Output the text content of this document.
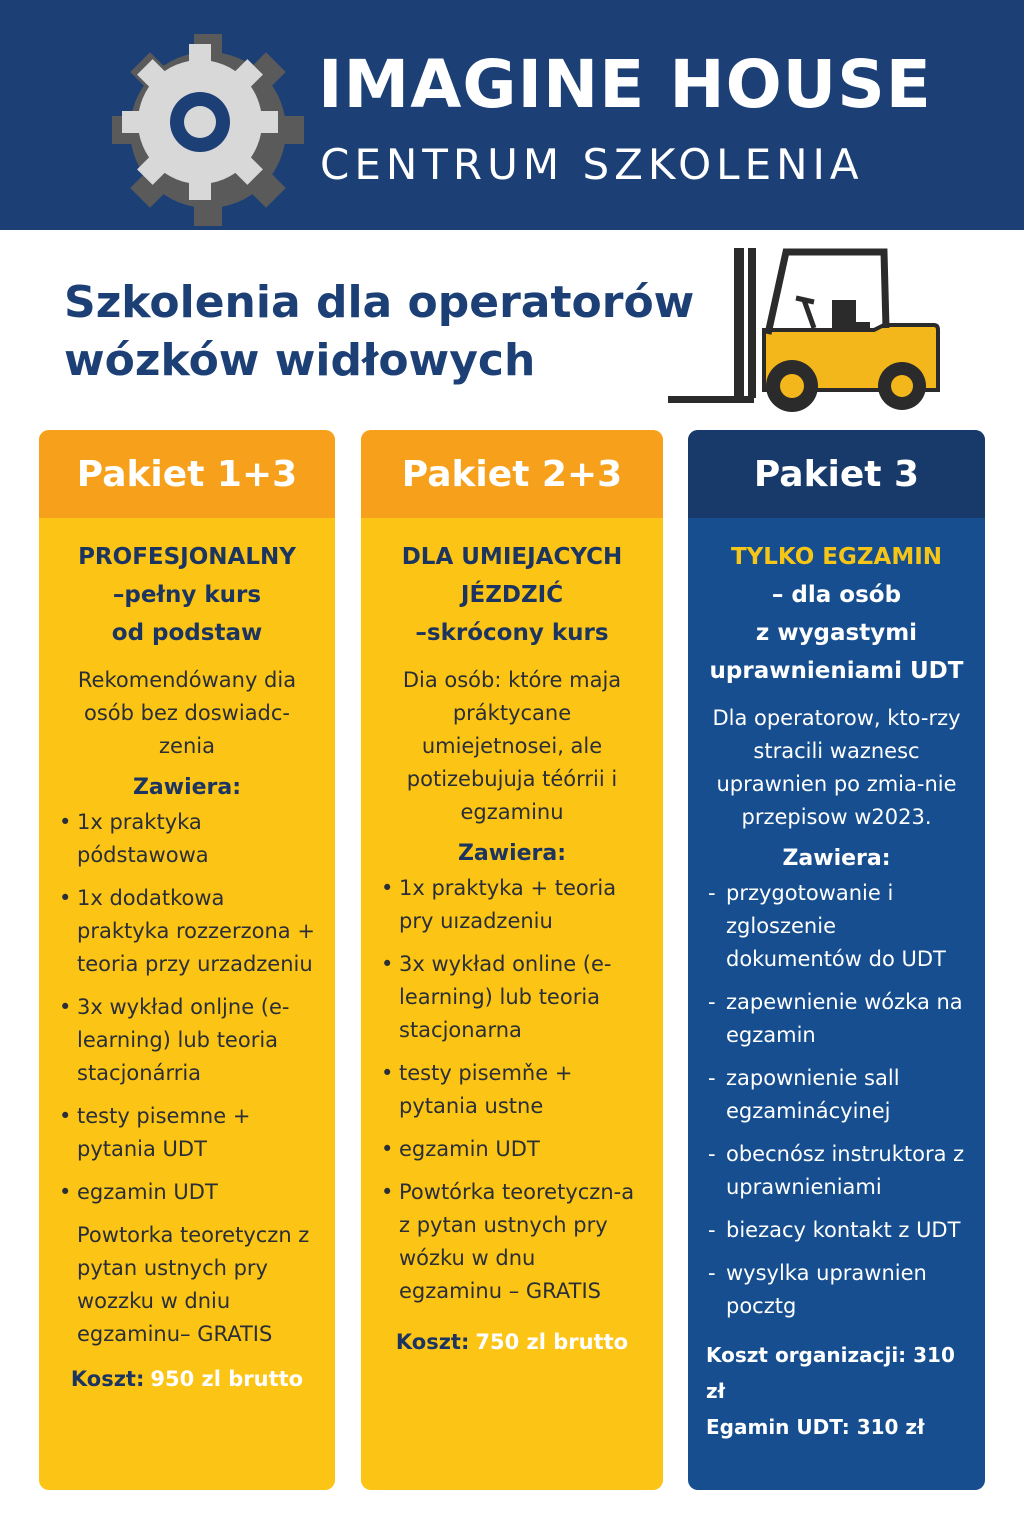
IMAGINE HOUSE
CENTRUM SZKOLENIA
Szkolenia dla operatorów
wózków widłowych
Pakiet 1+3
PROFESJONALNY
–pełny kurs
od podstaw
Rekomendówany dia osób bez doswiadc-zenia
Zawiera:
• 1x praktyka pódstawowa
• 1x dodatkowa praktyka rozzerzona + teoria przy urzadzeniu
• 3x wykład onljne (e-learning) lub teoria stacjonárria
• testy pisemne + pytania UDT
• egzamin UDT
Powtorka teoretyczn z pytan ustnych pry wozzku w dniu egzaminu– GRATIS
Koszt: 950 zl brutto
Pakiet 2+3
DLA UMIEJACYCH
JÉZDZIĆ
–skrócony kurs
Dia osób: które maja práktycane umiejetnosei, ale potizebujuja téórrii i egzaminu
Zawiera:
• 1x praktyka + teoria pry uızadzeniu
• 3x wykład online (e-learning) lub teoria stacjonarna
• testy pisemňe + pytania ustne
• egzamin UDT
• Powtórka teoretyczn-a z pytan ustnych pry wózku w dnu egzaminu – GRATIS
Koszt: 750 zl brutto
Pakiet 3
TYLKO EGZAMIN
– dla osób
z wygastymi
uprawnieniami UDT
Dla operatorow, kto-rzy stracili waznesc uprawnien po zmia-nie przepisow w2023.
Zawiera:
- przygotowanie i zgloszenie dokumentów do UDT
- zapewnienie wózka na egzamin
- zapownienie sall egzaminácyinej
- obecnósz instruktora z uprawnieniami
- biezacy kontakt z UDT
- wysylka uprawnien pocztg
Koszt organizacji: 310 zł
Egamin UDT: 310 zł
